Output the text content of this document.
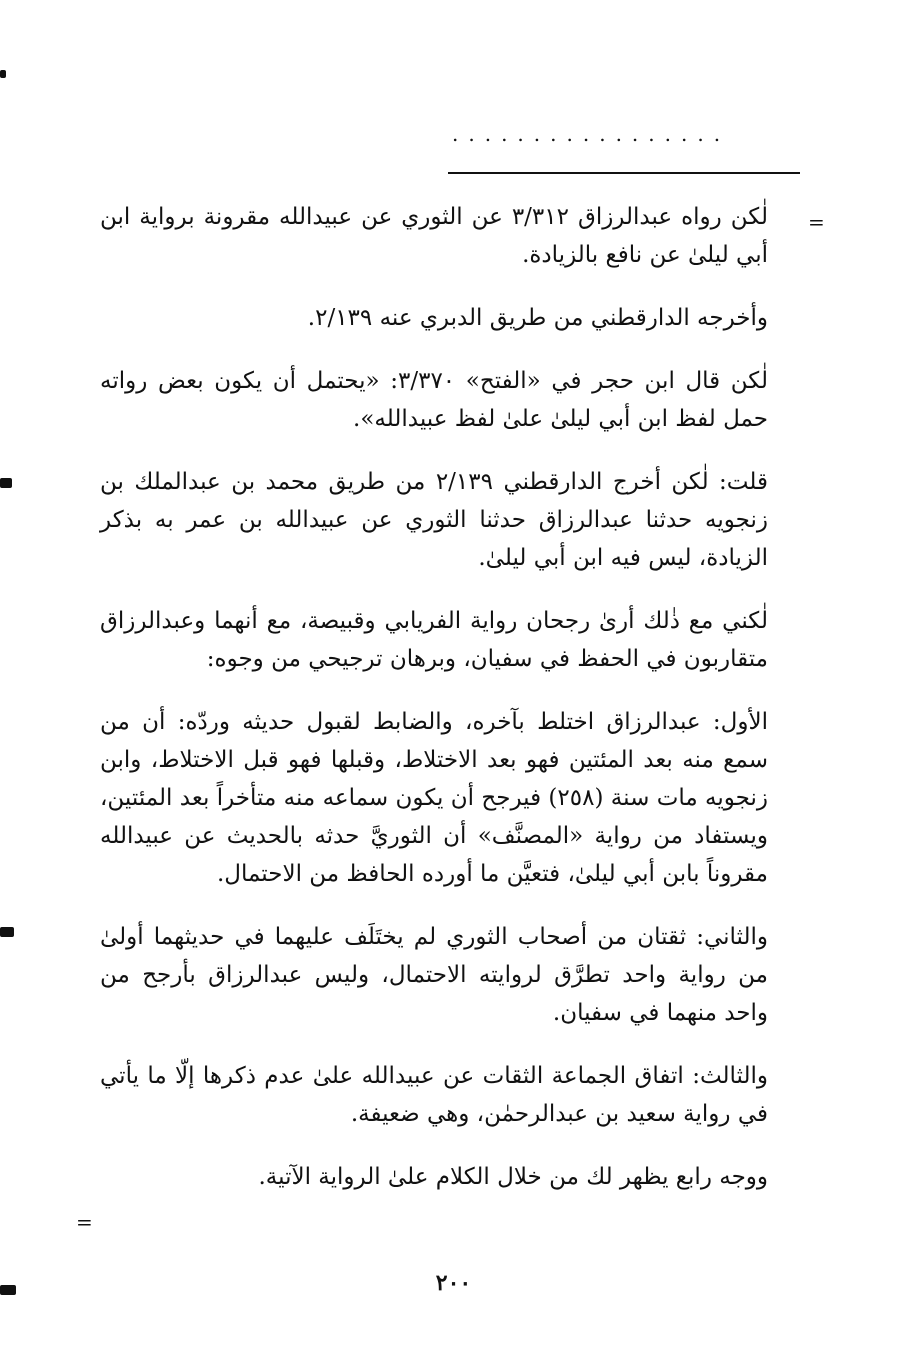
.................
=
=

لٰكن رواه عبدالرزاق ٣/٣١٢ عن الثوري عن عبيدالله مقرونة برواية ابن أبي ليلىٰ عن نافع بالزيادة.

وأخرجه الدارقطني من طريق الدبري عنه ٢/١٣٩.

لٰكن قال ابن حجر في «الفتح» ٣/٣٧٠: «يحتمل أن يكون بعض رواته حمل لفظ ابن أبي ليلىٰ علىٰ لفظ عبيدالله».

قلت: لٰكن أخرج الدارقطني ٢/١٣٩ من طريق محمد بن عبدالملك بن زنجويه حدثنا عبدالرزاق حدثنا الثوري عن عبيدالله بن عمر به بذكر الزيادة، ليس فيه ابن أبي ليلىٰ.

لٰكني مع ذٰلك أرىٰ رجحان رواية الفريابي وقبيصة، مع أنهما وعبدالرزاق متقاربون في الحفظ في سفيان، وبرهان ترجيحي من وجوه:

الأول: عبدالرزاق اختلط بآخره، والضابط لقبول حديثه وردّه: أن من سمع منه بعد المئتين فهو بعد الاختلاط، وقبلها فهو قبل الاختلاط، وابن زنجويه مات سنة (٢٥٨) فيرجح أن يكون سماعه منه متأخراً بعد المئتين، ويستفاد من رواية «المصنَّف» أن الثوريَّ حدثه بالحديث عن عبيدالله مقروناً بابن أبي ليلىٰ، فتعيَّن ما أورده الحافظ من الاحتمال.

والثاني: ثقتان من أصحاب الثوري لم يختَلَف عليهما في حديثهما أولىٰ من رواية واحد تطرَّق لروايته الاحتمال، وليس عبدالرزاق بأرجح من واحد منهما في سفيان.

والثالث: اتفاق الجماعة الثقات عن عبيدالله علىٰ عدم ذكرها إلّا ما يأتي في رواية سعيد بن عبدالرحمٰن، وهي ضعيفة.

ووجه رابع يظهر لك من خلال الكلام علىٰ الرواية الآتية.

٢٠٠
